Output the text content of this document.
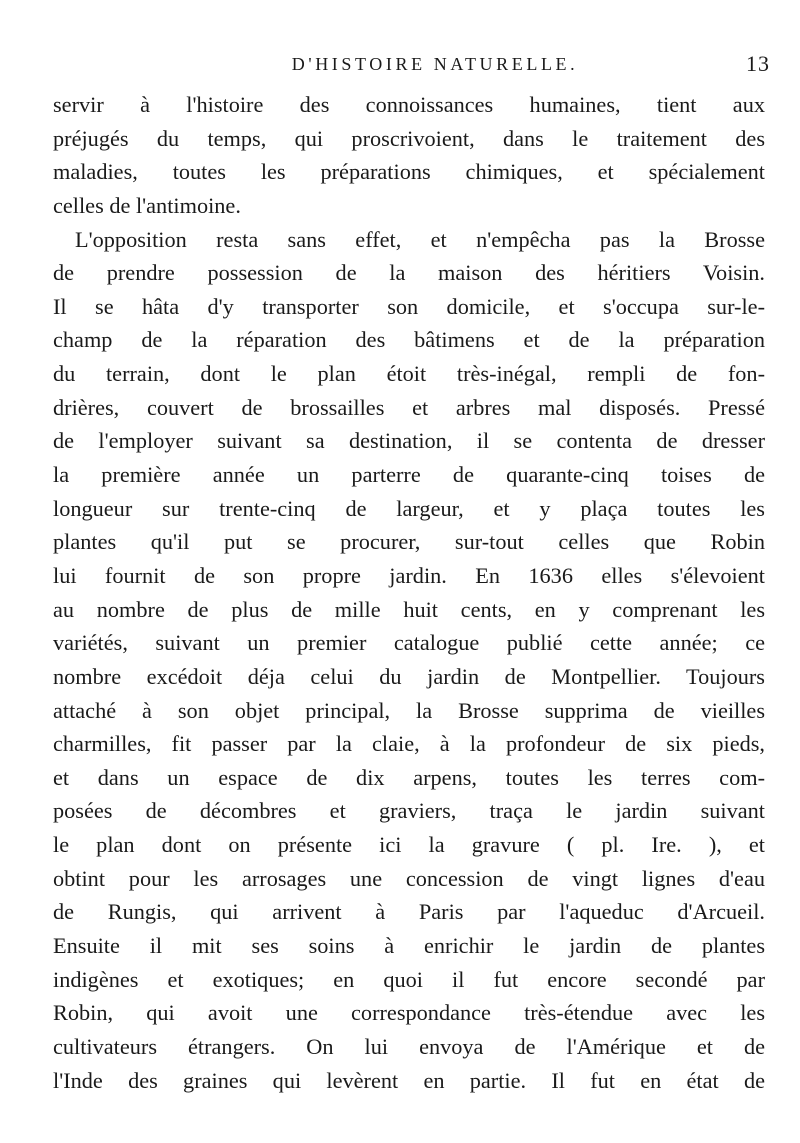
D'HISTOIRE NATURELLE.	13
servir à l'histoire des connoissances humaines, tient aux
préjugés du temps, qui proscrivoient, dans le traitement des
maladies, toutes les préparations chimiques, et spécialement
celles de l'antimoine.
L'opposition resta sans effet, et n'empêcha pas la Brosse
de prendre possession de la maison des héritiers Voisin.
Il se hâta d'y transporter son domicile, et s'occupa sur-le-
champ de la réparation des bâtimens et de la préparation
du terrain, dont le plan étoit très-inégal, rempli de fon-
drières, couvert de brossailles et arbres mal disposés. Pressé
de l'employer suivant sa destination, il se contenta de dresser
la première année un parterre de quarante-cinq toises de
longueur sur trente-cinq de largeur, et y plaça toutes les
plantes qu'il put se procurer, sur-tout celles que Robin
lui fournit de son propre jardin. En 1636 elles s'élevoient
au nombre de plus de mille huit cents, en y comprenant les
variétés, suivant un premier catalogue publié cette année; ce
nombre excédoit déja celui du jardin de Montpellier. Toujours
attaché à son objet principal, la Brosse supprima de vieilles
charmilles, fit passer par la claie, à la profondeur de six pieds,
et dans un espace de dix arpens, toutes les terres com-
posées de décombres et graviers, traça le jardin suivant
le plan dont on présente ici la gravure ( pl. Ire. ), et
obtint pour les arrosages une concession de vingt lignes d'eau
de Rungis, qui arrivent à Paris par l'aqueduc d'Arcueil.
Ensuite il mit ses soins à enrichir le jardin de plantes
indigènes et exotiques; en quoi il fut encore secondé par
Robin, qui avoit une correspondance très-étendue avec les
cultivateurs étrangers. On lui envoya de l'Amérique et de
l'Inde des graines qui levèrent en partie. Il fut en état de
